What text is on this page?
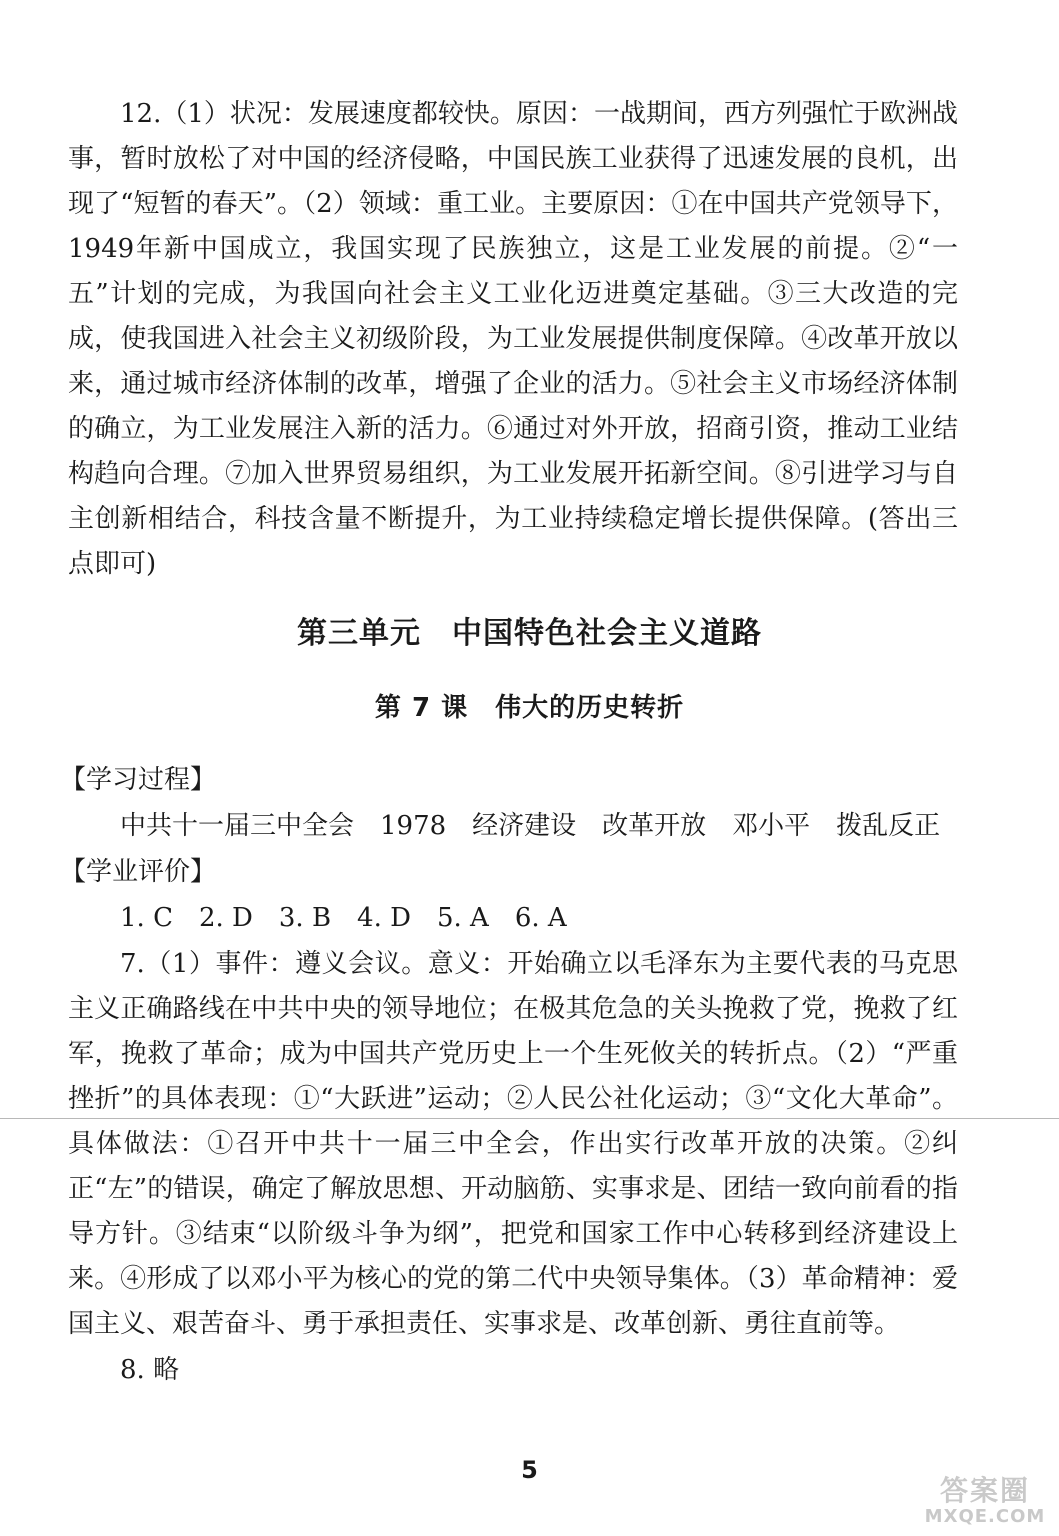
12.（1）状况：发展速度都较快。原因：一战期间，西方列强忙于欧洲战事，暂时放松了对中国的经济侵略，中国民族工业获得了迅速发展的良机，出现了“短暂的春天”。（2）领域：重工业。主要原因：①在中国共产党领导下，1949年新中国成立，我国实现了民族独立，这是工业发展的前提。②“一五”计划的完成，为我国向社会主义工业化迈进奠定基础。③三大改造的完成，使我国进入社会主义初级阶段，为工业发展提供制度保障。④改革开放以来，通过城市经济体制的改革，增强了企业的活力。⑤社会主义市场经济体制的确立，为工业发展注入新的活力。⑥通过对外开放，招商引资，推动工业结构趋向合理。⑦加入世界贸易组织，为工业发展开拓新空间。⑧引进学习与自主创新相结合，科技含量不断提升，为工业持续稳定增长提供保障。(答出三点即可)

第三单元　中国特色社会主义道路
第 7 课　伟大的历史转折
【学习过程】
中共十一届三中全会　1978　经济建设　改革开放　邓小平　拨乱反正
【学业评价】
1. C　2. D　3. B　4. D　5. A　6. A

7.（1）事件：遵义会议。意义：开始确立以毛泽东为主要代表的马克思主义正确路线在中共中央的领导地位；在极其危急的关头挽救了党，挽救了红军，挽救了革命；成为中国共产党历史上一个生死攸关的转折点。（2）“严重挫折”的具体表现：①“大跃进”运动；②人民公社化运动；③“文化大革命”。具体做法：①召开中共十一届三中全会，作出实行改革开放的决策。②纠正“左”的错误，确定了解放思想、开动脑筋、实事求是、团结一致向前看的指导方针。③结束“以阶级斗争为纲”，把党和国家工作中心转移到经济建设上来。④形成了以邓小平为核心的党的第二代中央领导集体。（3）革命精神：爱国主义、艰苦奋斗、勇于承担责任、实事求是、改革创新、勇往直前等。

8. 略
5
答案圈
MXQE.COM
